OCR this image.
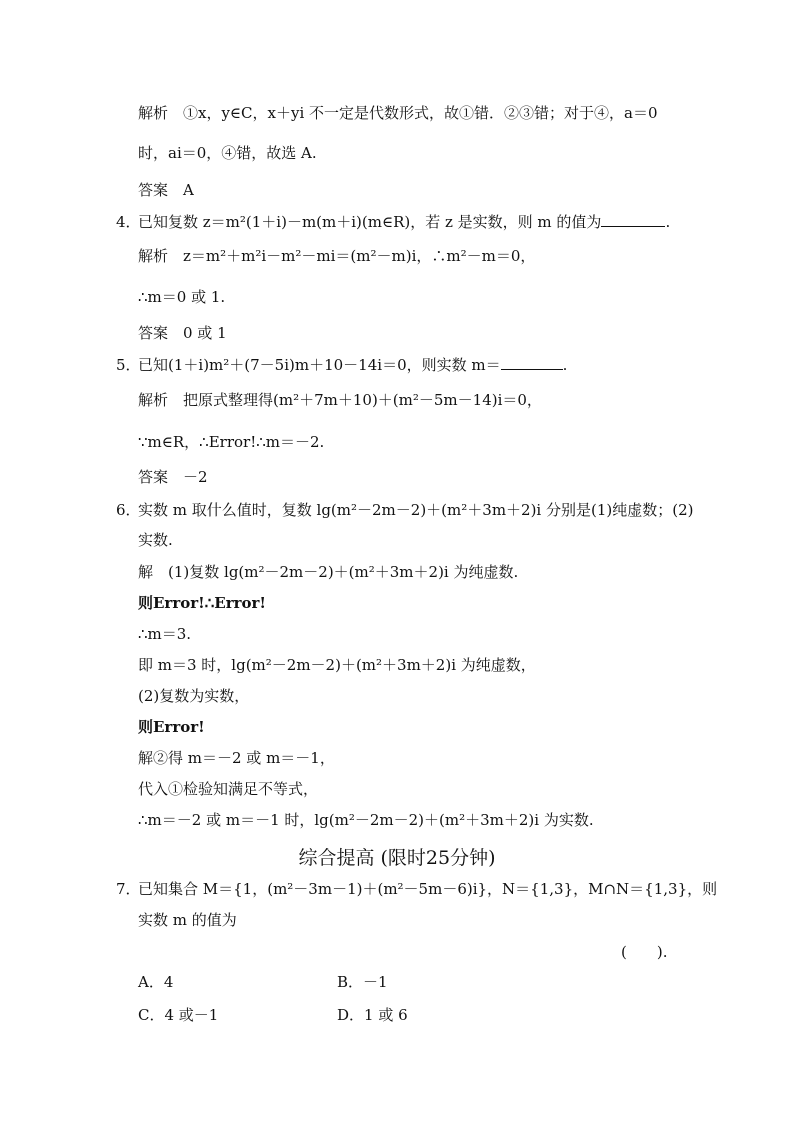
解析　①x，y∈C，x＋yi 不一定是代数形式，故①错．②③错；对于④，a＝0
时，ai＝0，④错，故选 A.
答案　A
4．
已知复数 z＝m²(1＋i)－m(m＋i)(m∈R)，若 z 是实数，则 m 的值为	.
解析　z＝m²＋m²i－m²－mi＝(m²－m)i，∴m²－m＝0，
∴m＝0 或 1.
答案　0 或 1
5．
已知(1＋i)m²＋(7－5i)m＋10－14i＝0，则实数 m＝	.
解析　把原式整理得(m²＋7m＋10)＋(m²－5m－14)i＝0，
∵m∈R，∴Error!∴m＝－2.
答案　－2
6．
实数 m 取什么值时，复数 lg(m²－2m－2)＋(m²＋3m＋2)i 分别是(1)纯虚数；(2)
实数.
解　(1)复数 lg(m²－2m－2)＋(m²＋3m＋2)i 为纯虚数.
则Error!∴Error!
∴m＝3.
即 m＝3 时，lg(m²－2m－2)＋(m²＋3m＋2)i 为纯虚数，
(2)复数为实数，
则Error!
解②得 m＝－2 或 m＝－1，
代入①检验知满足不等式，
∴m＝－2 或 m＝－1 时，lg(m²－2m－2)＋(m²＋3m＋2)i 为实数.
综合提高 (限时25分钟)
7．
已知集合 M＝{1，(m²－3m－1)＋(m²－5m－6)i}，N＝{1,3}，M∩N＝{1,3}，则
实数 m 的值为
(　　).
A．4	B．－1
C．4 或－1	D．1 或 6
